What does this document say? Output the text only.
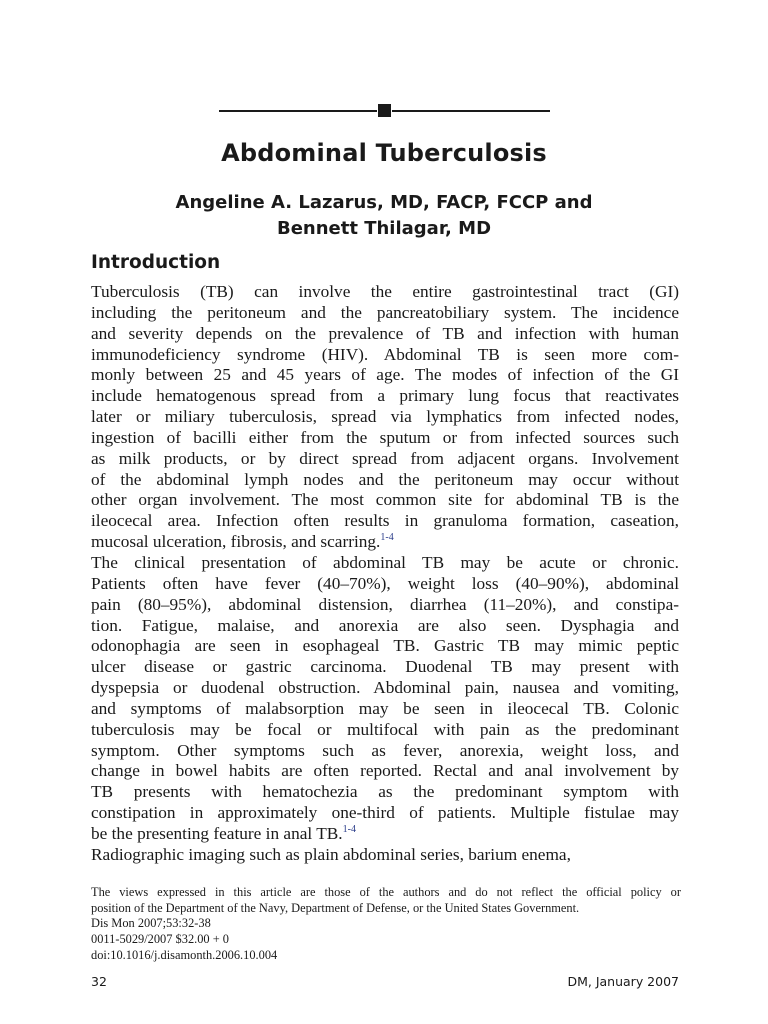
Abdominal Tuberculosis
Angeline A. Lazarus, MD, FACP, FCCP and
Bennett Thilagar, MD
Introduction

Tuberculosis (TB) can involve the entire gastrointestinal tract (GI)
including the peritoneum and the pancreatobiliary system. The incidence
and severity depends on the prevalence of TB and infection with human
immunodeficiency syndrome (HIV). Abdominal TB is seen more com-
monly between 25 and 45 years of age. The modes of infection of the GI
include hematogenous spread from a primary lung focus that reactivates
later or miliary tuberculosis, spread via lymphatics from infected nodes,
ingestion of bacilli either from the sputum or from infected sources such
as milk products, or by direct spread from adjacent organs. Involvement
of the abdominal lymph nodes and the peritoneum may occur without
other organ involvement. The most common site for abdominal TB is the
ileocecal area. Infection often results in granuloma formation, caseation,
mucosal ulceration, fibrosis, and scarring.$^{1-4}$

The clinical presentation of abdominal TB may be acute or chronic.
Patients often have fever (40–70%), weight loss (40–90%), abdominal
pain (80–95%), abdominal distension, diarrhea (11–20%), and constipa-
tion. Fatigue, malaise, and anorexia are also seen. Dysphagia and
odonophagia are seen in esophageal TB. Gastric TB may mimic peptic
ulcer disease or gastric carcinoma. Duodenal TB may present with
dyspepsia or duodenal obstruction. Abdominal pain, nausea and vomiting,
and symptoms of malabsorption may be seen in ileocecal TB. Colonic
tuberculosis may be focal or multifocal with pain as the predominant
symptom. Other symptoms such as fever, anorexia, weight loss, and
change in bowel habits are often reported. Rectal and anal involvement by
TB presents with hematochezia as the predominant symptom with
constipation in approximately one-third of patients. Multiple fistulae may
be the presenting feature in anal TB.$^{1-4}$

Radiographic imaging such as plain abdominal series, barium enema,

The views expressed in this article are those of the authors and do not reflect the official policy or
position of the Department of the Navy, Department of Defense, or the United States Government.
Dis Mon 2007;53:32-38
0011-5029/2007 $32.00 + 0
doi:10.1016/j.disamonth.2006.10.004
32	DM, January 2007
